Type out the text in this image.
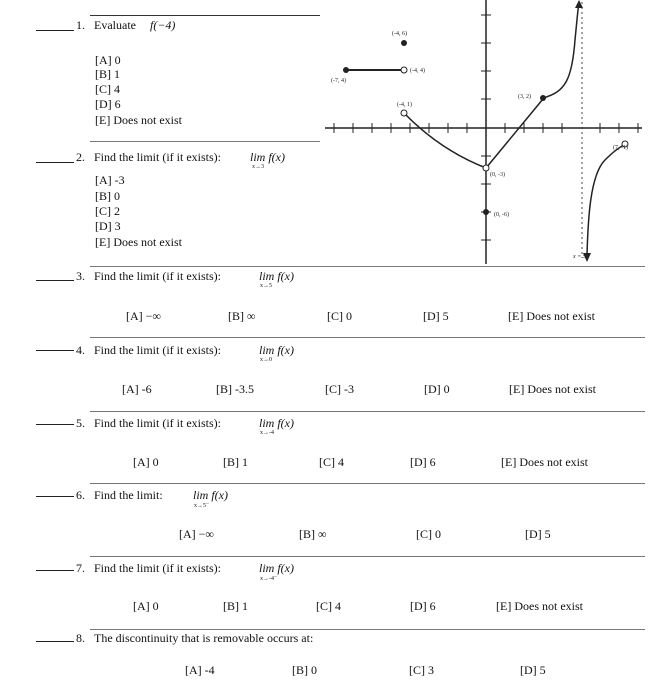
(-4, 6)
(-4, 4)
(-7, 4)
(-4, 1)
(3, 2)
(7, -1)
(0, -3)
(0, -6)
x = 5
1. Evaluate f(−4)
[A] 0
[B] 1
[C] 4
[D] 6
[E] Does not exist
2. Find the limit (if it exists): lim f(x)
x→3
[A] -3
[B] 0
[C] 2
[D] 3
[E] Does not exist
3. Find the limit (if it exists):	lim f(x)
x→5
[A] −∞	[B] ∞	[C] 0	[D] 5	[E] Does not exist
4. Find the limit (if it exists):	lim f(x)
x→0
[A] -6	[B] -3.5	[C] -3	[D] 0	[E] Does not exist
5. Find the limit (if it exists):	lim f(x)
x→-4
[A] 0	[B] 1	[C] 4	[D] 6	[E] Does not exist
6. Find the limit:	lim f(x)
x→5⁻
[A] −∞	[B] ∞	[C] 0	[D] 5
7. Find the limit (if it exists):	lim f(x)
x→-4⁻
[A] 0	[B] 1	[C] 4	[D] 6	[E] Does not exist
8. The discontinuity that is removable occurs at:
[A] -4	[B] 0	[C] 3	[D] 5
